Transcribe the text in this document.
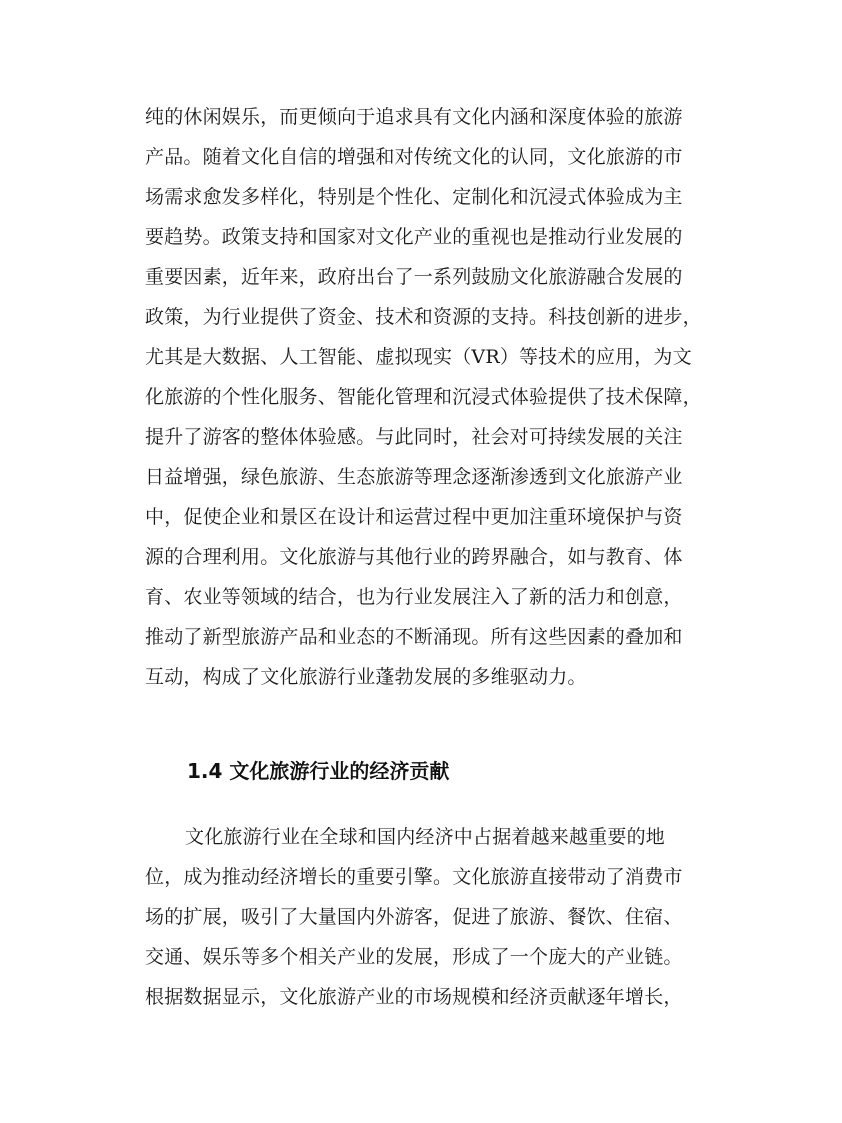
纯的休闲娱乐，而更倾向于追求具有文化内涵和深度体验的旅游
产品。随着文化自信的增强和对传统文化的认同，文化旅游的市
场需求愈发多样化，特别是个性化、定制化和沉浸式体验成为主
要趋势。政策支持和国家对文化产业的重视也是推动行业发展的
重要因素，近年来，政府出台了一系列鼓励文化旅游融合发展的
政策，为行业提供了资金、技术和资源的支持。科技创新的进步，
尤其是大数据、人工智能、虚拟现实（VR）等技术的应用，为文
化旅游的个性化服务、智能化管理和沉浸式体验提供了技术保障，
提升了游客的整体体验感。与此同时，社会对可持续发展的关注
日益增强，绿色旅游、生态旅游等理念逐渐渗透到文化旅游产业
中，促使企业和景区在设计和运营过程中更加注重环境保护与资
源的合理利用。文化旅游与其他行业的跨界融合，如与教育、体
育、农业等领域的结合，也为行业发展注入了新的活力和创意，
推动了新型旅游产品和业态的不断涌现。所有这些因素的叠加和
互动，构成了文化旅游行业蓬勃发展的多维驱动力。
1.4 文化旅游行业的经济贡献
文化旅游行业在全球和国内经济中占据着越来越重要的地
位，成为推动经济增长的重要引擎。文化旅游直接带动了消费市
场的扩展，吸引了大量国内外游客，促进了旅游、餐饮、住宿、
交通、娱乐等多个相关产业的发展，形成了一个庞大的产业链。
根据数据显示，文化旅游产业的市场规模和经济贡献逐年增长，
